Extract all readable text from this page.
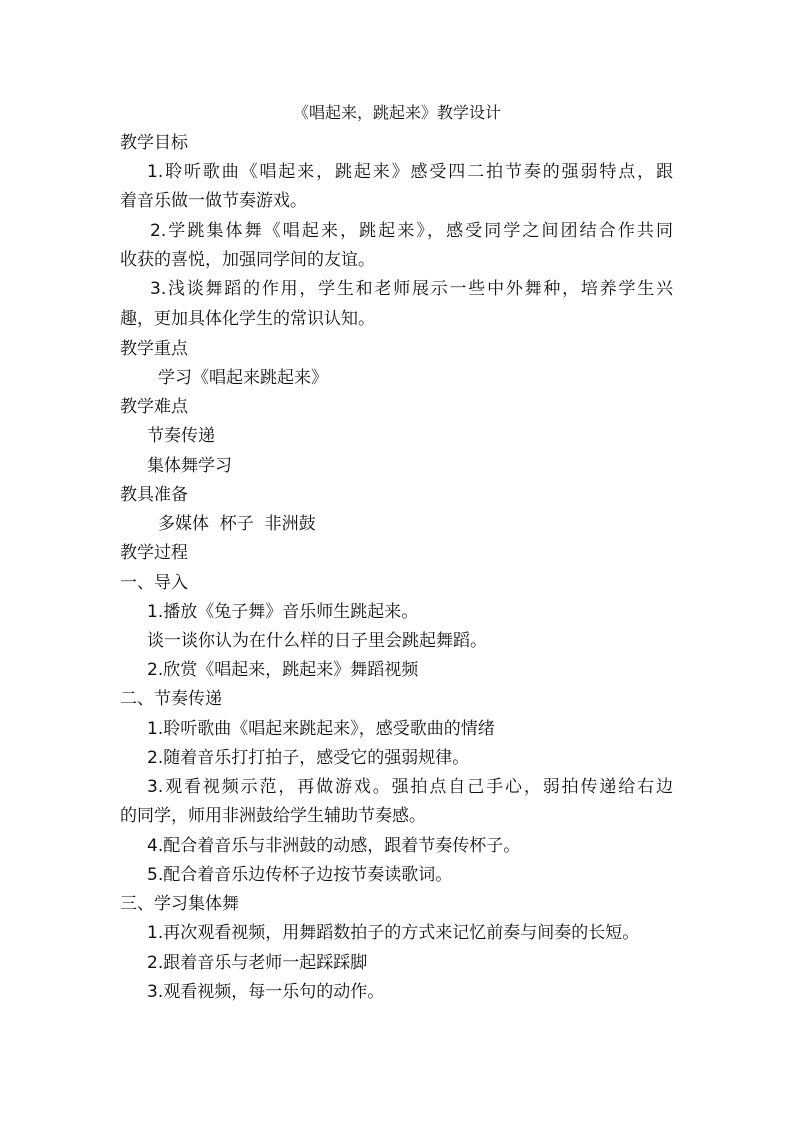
《唱起来，跳起来》教学设计
教学目标
1.聆听歌曲《唱起来，跳起来》感受四二拍节奏的强弱特点，跟
着音乐做一做节奏游戏。
2.学跳集体舞《唱起来，跳起来》，感受同学之间团结合作共同
收获的喜悦，加强同学间的友谊。
3.浅谈舞蹈的作用，学生和老师展示一些中外舞种，培养学生兴
趣，更加具体化学生的常识认知。
教学重点
学习《唱起来跳起来》
教学难点
节奏传递
集体舞学习
教具准备
多媒体  杯子  非洲鼓
教学过程
一、导入
1.播放《兔子舞》音乐师生跳起来。
谈一谈你认为在什么样的日子里会跳起舞蹈。
2.欣赏《唱起来，跳起来》舞蹈视频
二、节奏传递
1.聆听歌曲《唱起来跳起来》，感受歌曲的情绪
2.随着音乐打打拍子，感受它的强弱规律。
3.观看视频示范，再做游戏。强拍点自己手心，弱拍传递给右边
的同学，师用非洲鼓给学生辅助节奏感。
4.配合着音乐与非洲鼓的动感，跟着节奏传杯子。
5.配合着音乐边传杯子边按节奏读歌词。
三、学习集体舞
1.再次观看视频，用舞蹈数拍子的方式来记忆前奏与间奏的长短。
2.跟着音乐与老师一起踩踩脚
3.观看视频，每一乐句的动作。
